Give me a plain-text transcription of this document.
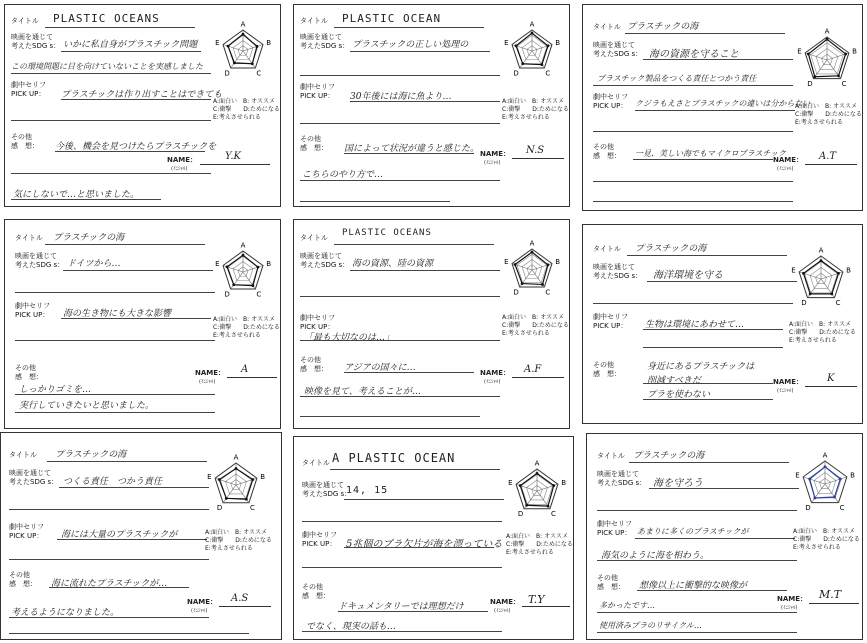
タイトル PLASTIC OCEANS
映画を通じて
考えたSDG s： いかに私自身がプラスチック問題
この環境問題に目を向けていないことを実感しました
劇中セリフ
PICK UP： プラスチックは作り出すことはできても
その他
感　想： 今後、機会を見つけたらプラスチックを
気にしないで…と思いました。
A
B
C
D
E
A:面白い　B: オススメ
C:衝撃　　D:ためになる
E:考えさせられる
NAME：
(ｲﾆｼｬﾙ)
Y.K
タイトル PLASTIC OCEAN
映画を通じて
考えたSDG s： プラスチックの正しい処理の
劇中セリフ
PICK UP： 30年後には海に魚より…
その他
感　想： 国によって状況が違うと感じた。
こちらのやり方で…
A
B
C
D
E
A:面白い　B: オススメ
C:衝撃　　D:ためになる
E:考えさせられる
NAME：
(ｲﾆｼｬﾙ)
N.S
タイトル プラスチックの海
映画を通じて
考えたSDG s： 海の資源を守ること
プラスチック製品をつくる責任とつかう責任
劇中セリフ
PICK UP： クジラもえさとプラスチックの違いは分からない
その他
感　想： 一見、美しい海でもマイクロプラスチック
A
B
C
D
E
A:面白い　B: オススメ
C:衝撃　　D:ためになる
E:考えさせられる
NAME：
(ｲﾆｼｬﾙ)
A.T
タイトル プラスチックの海
映画を通じて
考えたSDG s： ドイツから…
劇中セリフ
PICK UP： 海の生き物にも大きな影響
その他
感　想：
しっかりゴミを…
実行していきたいと思いました。
A
B
C
D
E
A:面白い　B: オススメ
C:衝撃　　D:ためになる
E:考えさせられる
NAME：
(ｲﾆｼｬﾙ)
A
タイトル PLASTIC OCEANS
映画を通じて
考えたSDG s： 海の資源、陸の資源
劇中セリフ
PICK UP：
「最も大切なのは…」
その他
感　想： アジアの国々に…
映像を見て、考えることが…
A
B
C
D
E
A:面白い　B: オススメ
C:衝撃　　D:ためになる
E:考えさせられる
NAME：
(ｲﾆｼｬﾙ)
A.F
タイトル プラスチックの海
映画を通じて
考えたSDG s： 海洋環境を守る
劇中セリフ
PICK UP： 生物は環境にあわせて…
その他
感　想：
身近にあるプラスチックは
削減すべきだ
プラを使わない
A
B
C
D
E
A:面白い　B: オススメ
C:衝撃　　D:ためになる
E:考えさせられる
NAME：
(ｲﾆｼｬﾙ)
K
タイトル プラスチックの海
映画を通じて
考えたSDG s： つくる責任　つかう責任
劇中セリフ
PICK UP： 海には大量のプラスチックが
その他
感　想： 海に流れたプラスチックが…
考えるようになりました。
A
B
C
D
E
A:面白い　B: オススメ
C:衝撃　　D:ためになる
E:考えさせられる
NAME：
(ｲﾆｼｬﾙ)
A.S
タイトル A PLASTIC OCEAN
映画を通じて
考えたSDG s：
14, 15
劇中セリフ
PICK UP： 5兆個のプラ欠片が海を漂っている
その他
感　想：
ドキュメンタリーでは理想だけ
でなく、現実の話も…
A
B
C
D
E
A:面白い　B: オススメ
C:衝撃　　D:ためになる
E:考えさせられる
NAME：
(ｲﾆｼｬﾙ)
T.Y
タイトル プラスチックの海
映画を通じて
考えたSDG s： 海を守ろう
劇中セリフ
PICK UP： あまりに多くのプラスチックが
海気のように海を相わう。
その他
感　想： 想像以上に衝撃的な映像が
多かったです…
使用済みプラのリサイクル…
A
B
C
D
E
A:面白い　B: オススメ
C:衝撃　　D:ためになる
E:考えさせられる
NAME：
(ｲﾆｼｬﾙ)
M.T
